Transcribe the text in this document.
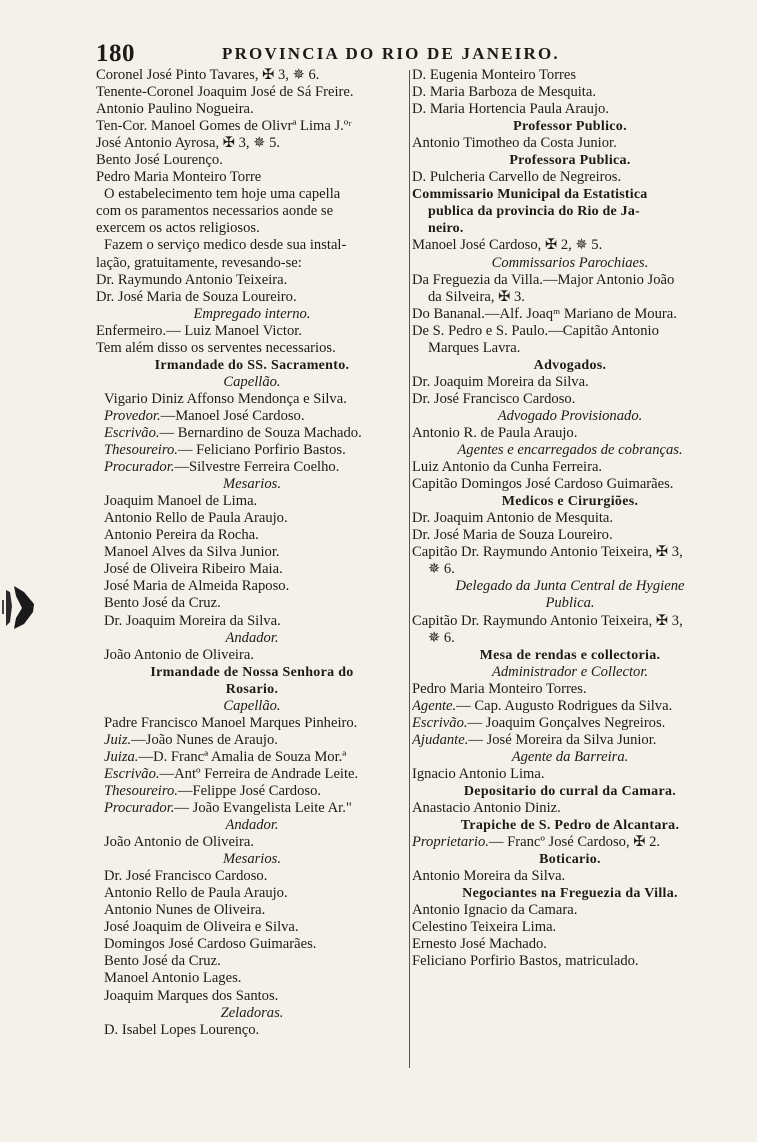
180	PROVINCIA DO RIO DE JANEIRO.
Coronel José Pinto Tavares, ✠ 3, ✵ 6.
Tenente-Coronel Joaquim José de Sá Freire.
Antonio Paulino Nogueira.
Ten-Cor. Manoel Gomes de Olivrª Lima J.ºʳ
José Antonio Ayrosa, ✠ 3, ✵ 5.
Bento José Lourenço.
Pedro Maria Monteiro Torre
O estabelecimento tem hoje uma capella
com os paramentos necessarios aonde se
exercem os actos religiosos.
Fazem o serviço medico desde sua instal-
lação, gratuitamente, revesando-se:
Dr. Raymundo Antonio Teixeira.
Dr. José Maria de Souza Loureiro.
Empregado interno.
Enfermeiro.— Luiz Manoel Victor.
Tem além disso os serventes necessarios.
Irmandade do SS. Sacramento.
Capellão.
Vigario Diniz Affonso Mendonça e Silva.
Provedor.—Manoel José Cardoso.
Escrivão.— Bernardino de Souza Machado.
Thesoureiro.— Feliciano Porfirio Bastos.
Procurador.—Silvestre Ferreira Coelho.
Mesarios.
Joaquim Manoel de Lima.
Antonio Rello de Paula Araujo.
Antonio Pereira da Rocha.
Manoel Alves da Silva Junior.
José de Oliveira Ribeiro Maia.
José Maria de Almeida Raposo.
Bento José da Cruz.
Dr. Joaquim Moreira da Silva.
Andador.
João Antonio de Oliveira.
Irmandade de Nossa Senhora do
Rosario.
Capellão.
Padre Francisco Manoel Marques Pinheiro.
Juiz.—João Nunes de Araujo.
Juiza.—D. Francª Amalia de Souza Mor.ª
Escrivão.—Antº Ferreira de Andrade Leite.
Thesoureiro.—Felippe José Cardoso.
Procurador.— João Evangelista Leite Ar."
Andador.
João Antonio de Oliveira.
Mesarios.
Dr. José Francisco Cardoso.
Antonio Rello de Paula Araujo.
Antonio Nunes de Oliveira.
José Joaquim de Oliveira e Silva.
Domingos José Cardoso Guimarães.
Bento José da Cruz.
Manoel Antonio Lages.
Joaquim Marques dos Santos.
Zeladoras.
D. Isabel Lopes Lourenço.
D. Eugenia Monteiro Torres
D. Maria Barboza de Mesquita.
D. Maria Hortencia Paula Araujo.
Professor Publico.
Antonio Timotheo da Costa Junior.
Professora Publica.
D. Pulcheria Carvello de Negreiros.
Commissario Municipal da Estatistica
publica da provincia do Rio de Ja-
neiro.
Manoel José Cardoso, ✠ 2, ✵ 5.
Commissarios Parochiaes.
Da Freguezia da Villa.—Major Antonio João
da Silveira, ✠ 3.
Do Bananal.—Alf. Joaqᵐ Mariano de Moura.
De S. Pedro e S. Paulo.—Capitão Antonio
Marques Lavra.
Advogados.
Dr. Joaquim Moreira da Silva.
Dr. José Francisco Cardoso.
Advogado Provisionado.
Antonio R. de Paula Araujo.
Agentes e encarregados de cobranças.
Luiz Antonio da Cunha Ferreira.
Capitão Domingos José Cardoso Guimarães.
Medicos e Cirurgiões.
Dr. Joaquim Antonio de Mesquita.
Dr. José Maria de Souza Loureiro.
Capitão Dr. Raymundo Antonio Teixeira, ✠ 3,
✵ 6.
Delegado da Junta Central de Hygiene
Publica.
Capitão Dr. Raymundo Antonio Teixeira, ✠ 3,
✵ 6.
Mesa de rendas e collectoria.
Administrador e Collector.
Pedro Maria Monteiro Torres.
Agente.— Cap. Augusto Rodrigues da Silva.
Escrivão.— Joaquim Gonçalves Negreiros.
Ajudante.— José Moreira da Silva Junior.
Agente da Barreira.
Ignacio Antonio Lima.
Depositario do curral da Camara.
Anastacio Antonio Diniz.
Trapiche de S. Pedro de Alcantara.
Proprietario.— Francº José Cardoso, ✠ 2.
Boticario.
Antonio Moreira da Silva.
Negociantes na Freguezia da Villa.
Antonio Ignacio da Camara.
Celestino Teixeira Lima.
Ernesto José Machado.
Feliciano Porfirio Bastos, matriculado.
